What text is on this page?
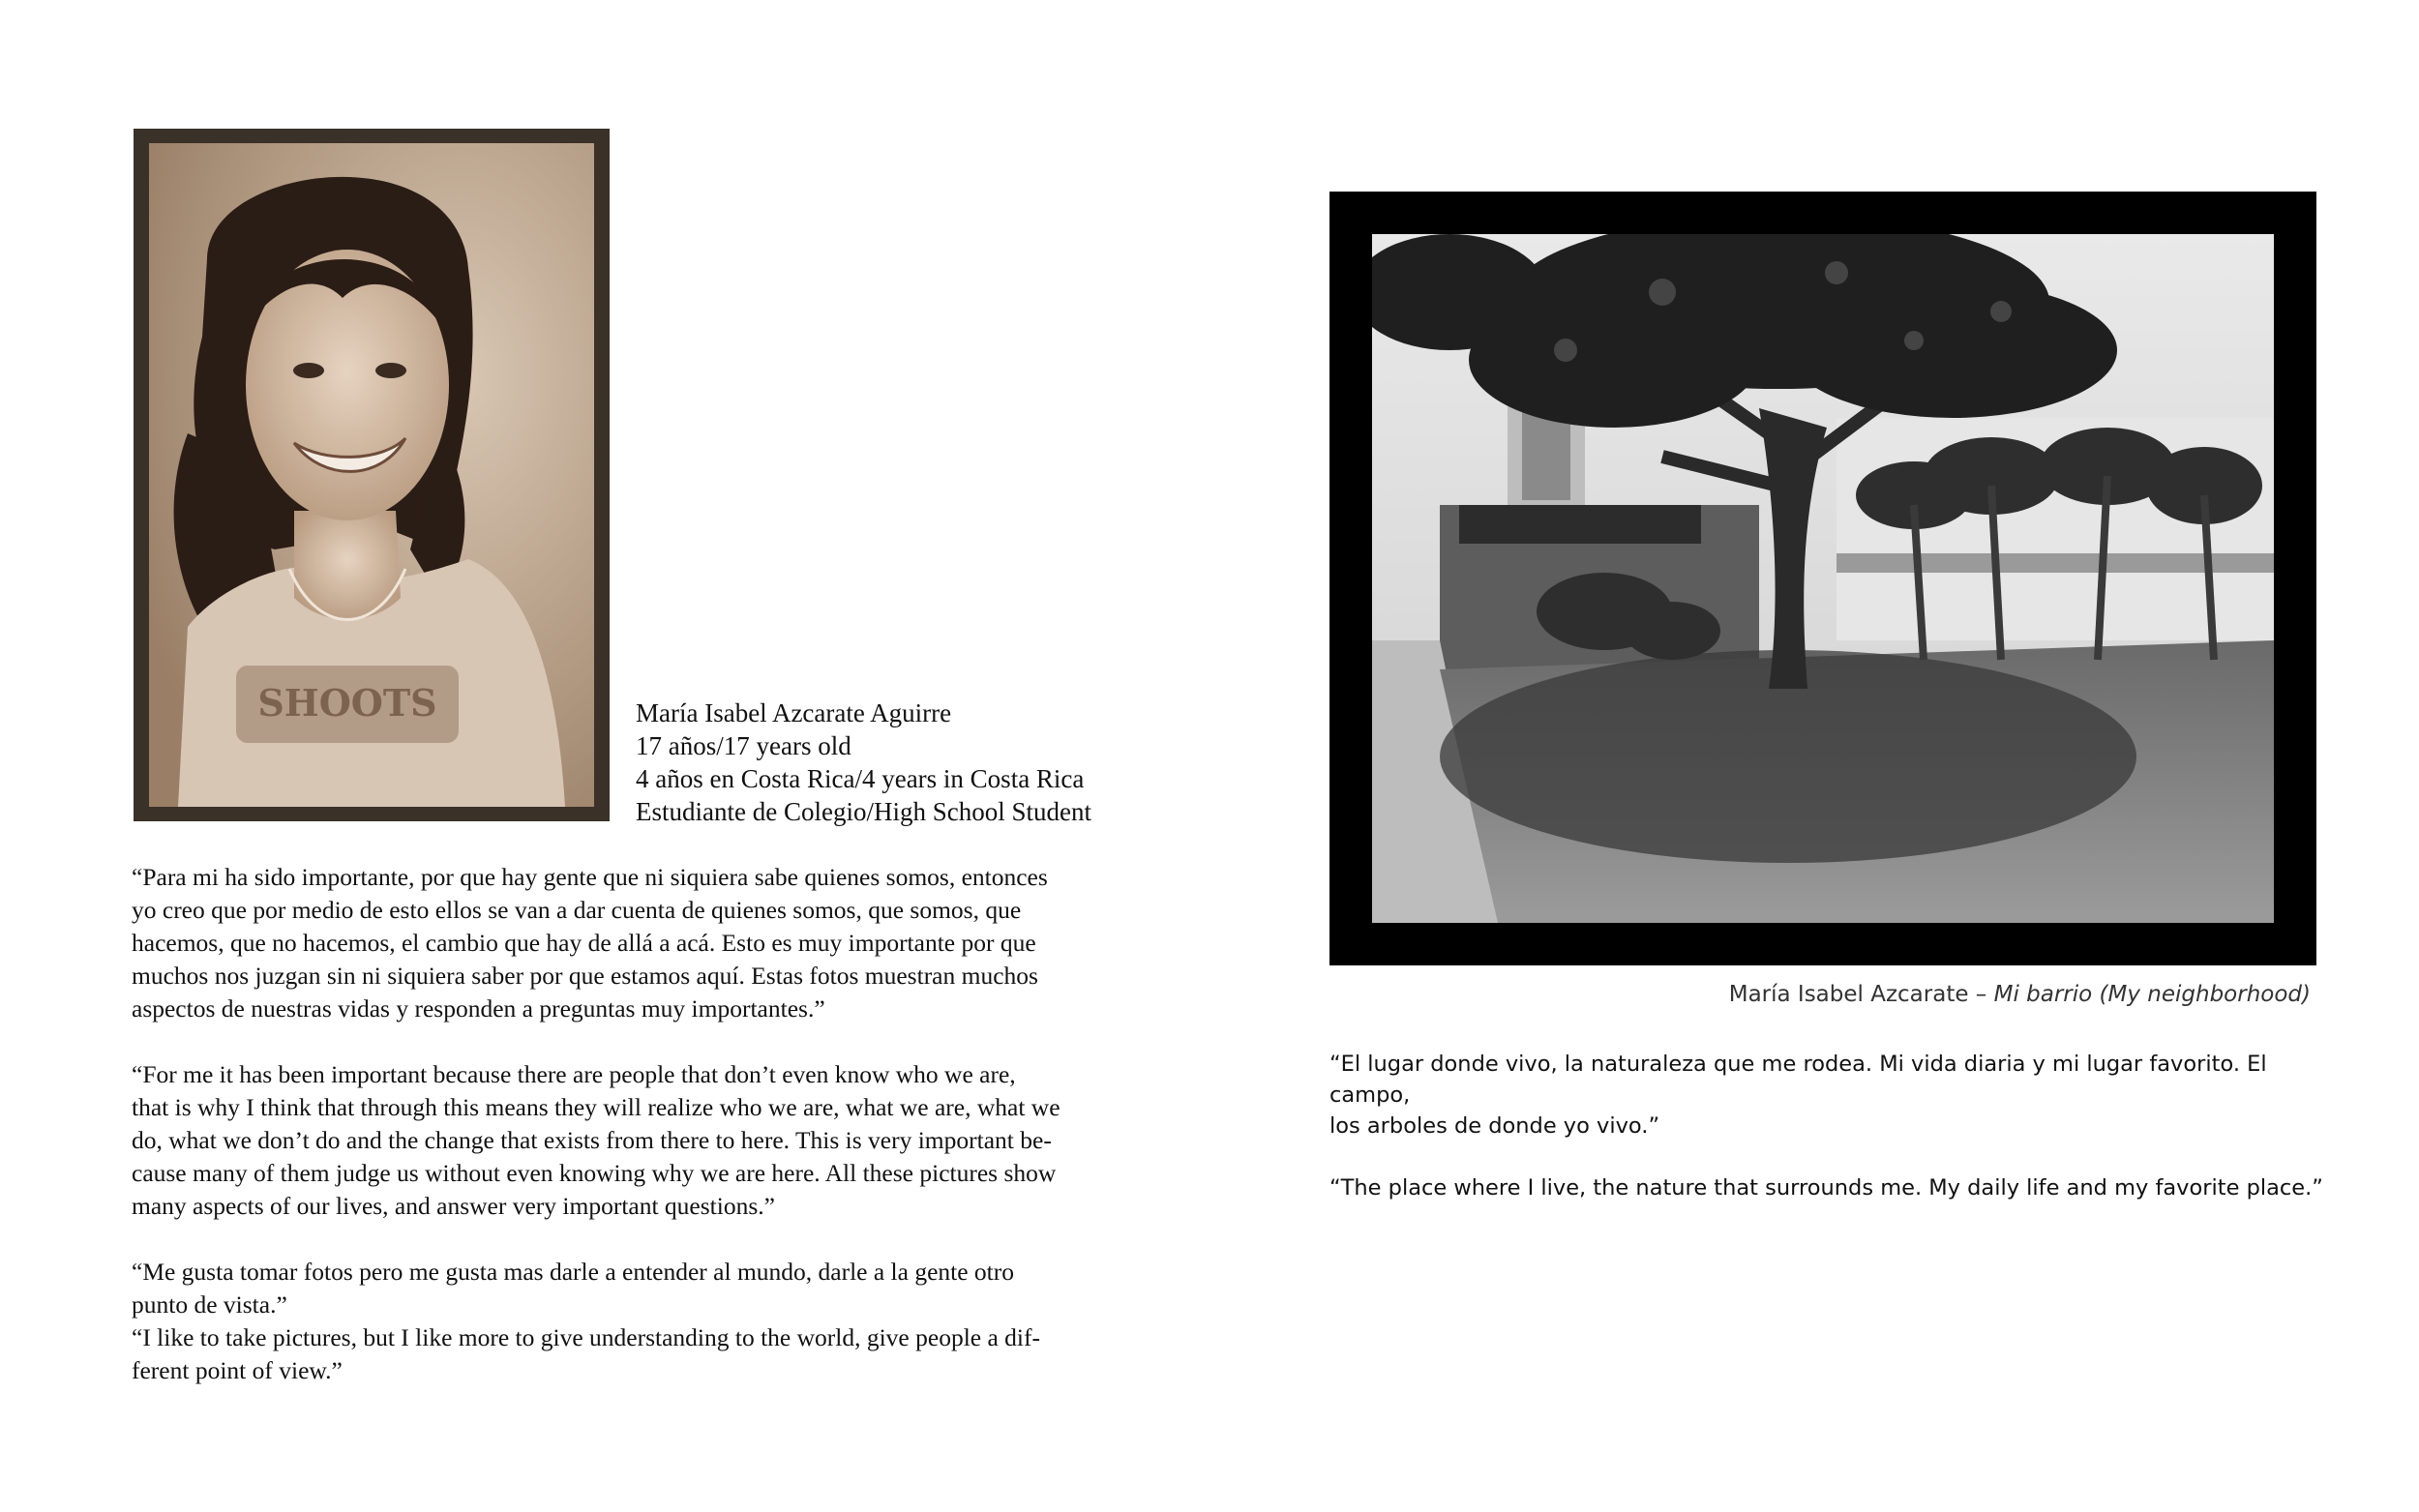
SHOOTS	María Isabel Azcarate Aguirre
17 años/17 years old
4 años en Costa Rica/4 years in Costa Rica
Estudiante de Colegio/High School Student

“Para mi ha sido importante, por que hay gente que ni siquiera sabe quienes somos, entonces
yo creo que por medio de esto ellos se van a dar cuenta de quienes somos, que somos, que
hacemos, que no hacemos, el cambio que hay de allá a acá. Esto es muy importante por que
muchos nos juzgan sin ni siquiera saber por que estamos aquí. Estas fotos muestran muchos
aspectos de nuestras vidas y responden a preguntas muy importantes.”

“For me it has been important because there are people that don’t even know who we are,
that is why I think that through this means they will realize who we are, what we are, what we
do, what we don’t do and the change that exists from there to here. This is very important be-
cause many of them judge us without even knowing why we are here. All these pictures show
many aspects of our lives, and answer very important questions.”

“Me gusta tomar fotos pero me gusta mas darle a entender al mundo, darle a la gente otro
punto de vista.”

“I like to take pictures, but I like more to give understanding to the world, give people a dif-
ferent point of view.”

María Isabel Azcarate – Mi barrio (My neighborhood)

“El lugar donde vivo, la naturaleza que me rodea. Mi vida diaria y mi lugar favorito. El campo,
los arboles de donde yo vivo.”

“The place where I live, the nature that surrounds me. My daily life and my favorite place.”
